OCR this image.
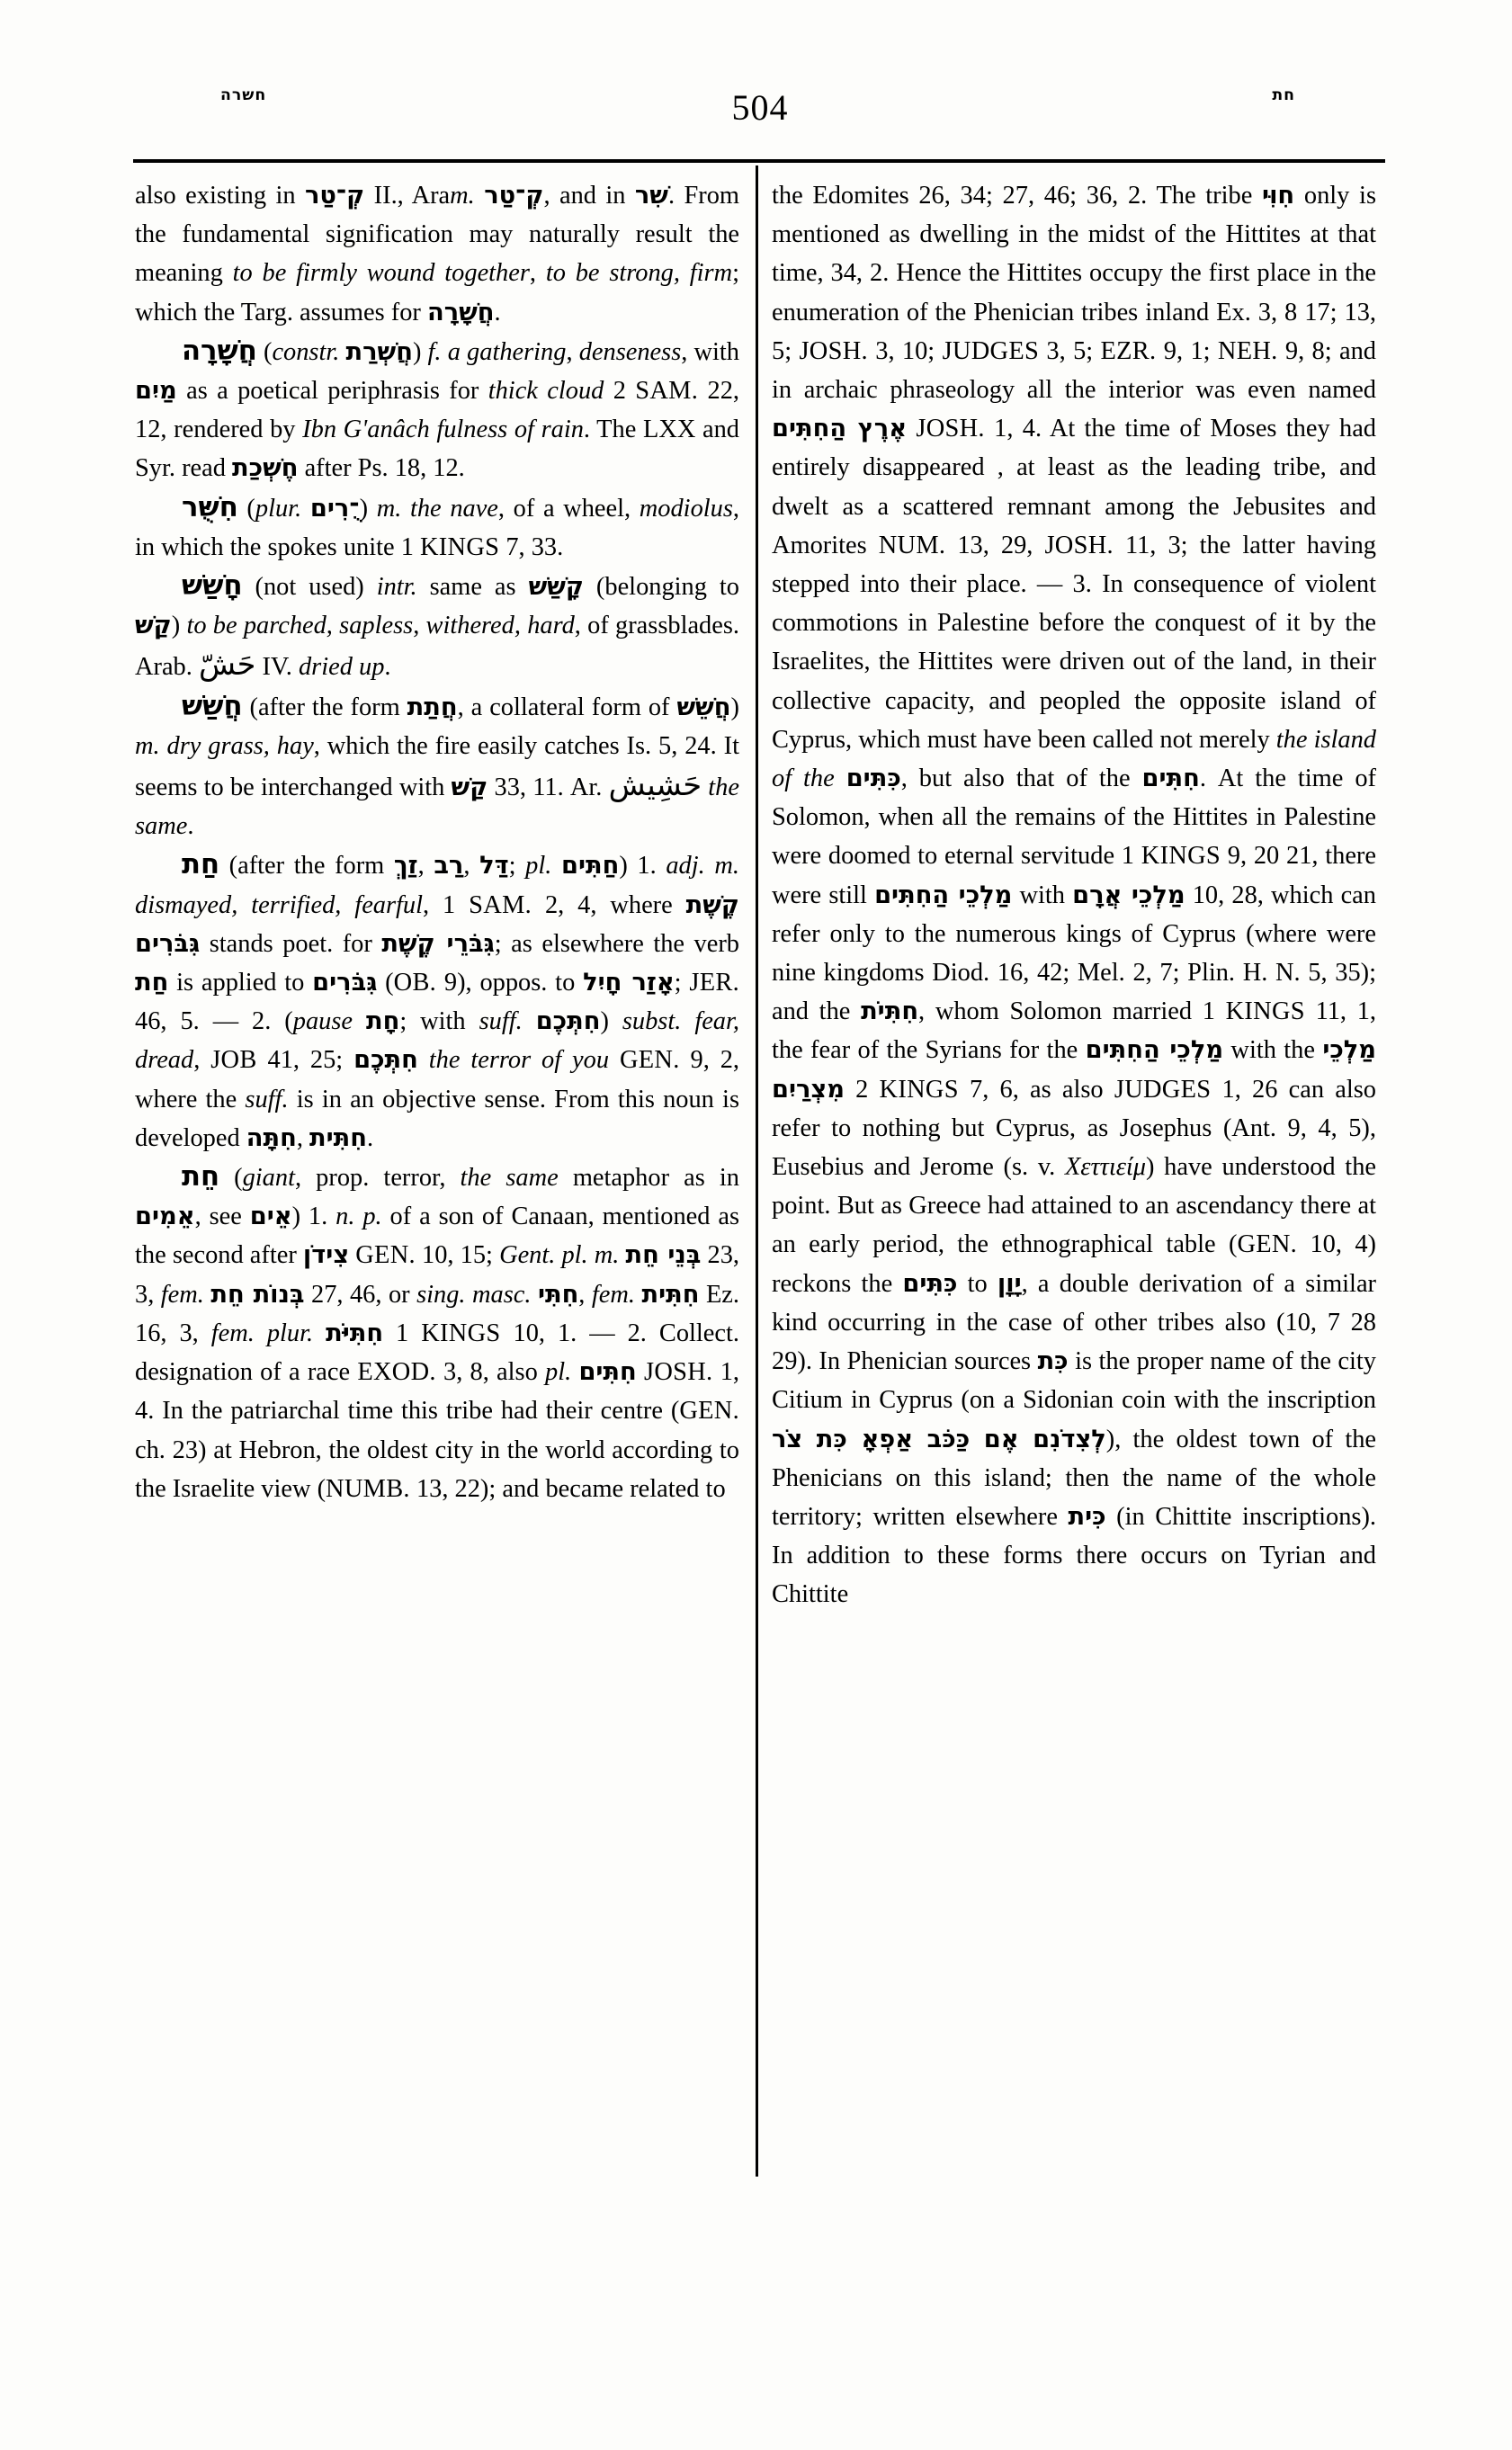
חשרה	504	חת

also existing in קְ־טַר II., Aram. קְ־טַר, and in שִׁר. From the fundamental signification may naturally result the meaning to be firmly wound together, to be strong, firm; which the Targ. assumes for חֲשָׁרָה.

חֲשָׁרָה (constr. חֲשְׁרַת) f. a gathering, denseness, with מַיִם as a poetical periphrasis for thick cloud 2 SAM. 22, 12, rendered by Ibn G'anâch fulness of rain. The LXX and Syr. read חֶשְׁכַת after Ps. 18, 12.

חִשֻּׁר (plur. ־ֻרִים) m. the nave, of a wheel, modiolus, in which the spokes unite 1 KINGS 7, 33.

חָשַׁשׁ (not used) intr. same as קָשַׁשׁ (belonging to קַשׁ) to be parched, sapless, withered, hard, of grassblades. Arab. حَشّ IV. dried up.

חֲשַׁשׁ (after the form חֲתַת, a collateral form of חֲשֵׁשׁ) m. dry grass, hay, which the fire easily catches Is. 5, 24. It seems to be interchanged with קַשׁ 33, 11. Ar. حَشِيش the same.

חַת (after the form זַךְ, רַב, דַּל; pl. חַתִּים) 1. adj. m. dismayed, terrified, fearful, 1 SAM. 2, 4, where קֶשֶׁת גִּבֹּרִים stands poet. for גִּבֹּרֵי קֶשֶׁת; as elsewhere the verb חַת is applied to גִּבֹּרִים (OB. 9), oppos. to אָזַר חָיִל; JER. 46, 5. — 2. (pause חָת; with suff. חִתְּכֶם) subst. fear, dread, JOB 41, 25; חִתְּכֶם the terror of you GEN. 9, 2, where the suff. is in an objective sense. From this noun is developed חִתָּה, חִתִּית.

חֵת (giant, prop. terror, the same metaphor as in אֵמִים, see אֵים) 1. n. p. of a son of Canaan, mentioned as the second after צִידֹן GEN. 10, 15; Gent. pl. m. בְּנֵי חֵת 23, 3, fem. בְּנוֹת חֵת 27, 46, or sing. masc. חִתִּי, fem. חִתִּית Ez. 16, 3, fem. plur. חִתִּיֹּת 1 KINGS 10, 1. — 2. Collect. designation of a race EXOD. 3, 8, also pl. חִתִּים JOSH. 1, 4. In the patriarchal time this tribe had their centre (GEN. ch. 23) at Hebron, the oldest city in the world according to the Israelite view (NUMB. 13, 22); and became related to

the Edomites 26, 34; 27, 46; 36, 2. The tribe חִוִּי only is mentioned as dwelling in the midst of the Hittites at that time, 34, 2. Hence the Hittites occupy the first place in the enumeration of the Phenician tribes inland Ex. 3, 8 17; 13, 5; JOSH. 3, 10; JUDGES 3, 5; EZR. 9, 1; NEH. 9, 8; and in archaic phraseology all the interior was even named אֶרֶץ הַחִתִּים JOSH. 1, 4. At the time of Moses they had entirely disappeared , at least as the leading tribe, and dwelt as a scattered remnant among the Jebusites and Amorites NUM. 13, 29, JOSH. 11, 3; the latter having stepped into their place. — 3. In consequence of violent commotions in Palestine before the conquest of it by the Israelites, the Hittites were driven out of the land, in their collective capacity, and peopled the opposite island of Cyprus, which must have been called not merely the island of the כִּתִּים, but also that of the חִתִּים. At the time of Solomon, when all the remains of the Hittites in Palestine were doomed to eternal servitude 1 KINGS 9, 20 21, there were still מַלְכֵי הַחִתִּים with מַלְכֵי אֲרָם 10, 28, which can refer only to the numerous kings of Cyprus (where were nine kingdoms Diod. 16, 42; Mel. 2, 7; Plin. H. N. 5, 35); and the חִתִּיֹת, whom Solomon married 1 KINGS 11, 1, the fear of the Syrians for the מַלְכֵי הַחִתִּים with the מַלְכֵי מִצְרַיִם 2 KINGS 7, 6, as also JUDGES 1, 26 can also refer to nothing but Cyprus, as Josephus (Ant. 9, 4, 5), Eusebius and Jerome (s. v. Χεττιείμ) have understood the point. But as Greece had attained to an ascendancy there at an early period, the ethnographical table (GEN. 10, 4) reckons the כִּתִּים to יָוָן, a double derivation of a similar kind occurring in the case of other tribes also (10, 7 28 29). In Phenician sources כִּת is the proper name of the city Citium in Cyprus (on a Sidonian coin with the inscription לְצִדֹנִם אֶם כַּכֹּב אַפְאָ כִּת צֹר), the oldest town of the Phenicians on this island; then the name of the whole territory; written elsewhere כִּית (in Chittite inscriptions). In addition to these forms there occurs on Tyrian and Chittite
